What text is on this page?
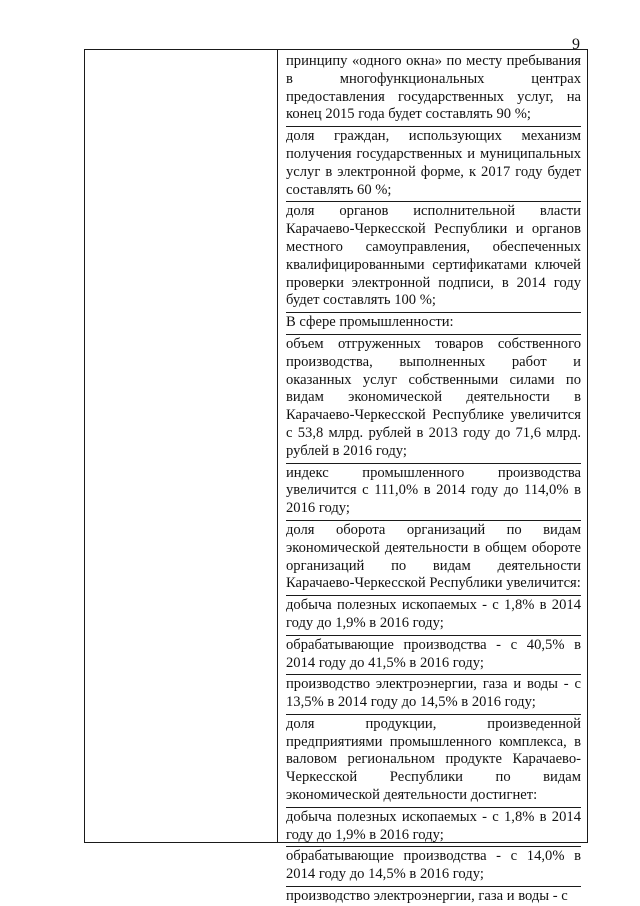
9

принципу «одного окна» по месту пребывания в многофункциональных центрах предоставления государственных услуг, на конец 2015 года будет составлять 90 %;

доля граждан, использующих механизм получения государственных и муниципальных услуг в электронной форме, к 2017 году будет составлять 60 %;

доля органов исполнительной власти Карачаево-Черкесской Республики и органов местного самоуправления, обеспеченных квалифицированными сертификатами ключей проверки электронной подписи, в 2014 году будет составлять 100 %;

В сфере промышленности:

объем отгруженных товаров собственного производства, выполненных работ и оказанных услуг собственными силами по видам экономической деятельности в Карачаево-Черкесской Республике увеличится с 53,8 млрд. рублей в 2013 году до 71,6 млрд. рублей в 2016 году;

индекс промышленного производства увеличится с 111,0% в 2014 году до 114,0% в 2016 году;

доля оборота организаций по видам экономической деятельности в общем обороте организаций по видам деятельности Карачаево-Черкесской Республики увеличится:

добыча полезных ископаемых - с 1,8% в 2014 году до 1,9% в 2016 году;

обрабатывающие производства - с 40,5% в 2014 году до 41,5% в 2016 году;

производство электроэнергии, газа и воды - с 13,5% в 2014 году до 14,5% в 2016 году;

доля продукции, произведенной предприятиями промышленного комплекса, в валовом региональном продукте Карачаево-Черкесской Республики по видам экономической деятельности достигнет:

добыча полезных ископаемых - с 1,8% в 2014 году до 1,9% в 2016 году;

обрабатывающие производства - с 14,0% в 2014 году до 14,5% в 2016 году;

производство электроэнергии, газа и воды - с
